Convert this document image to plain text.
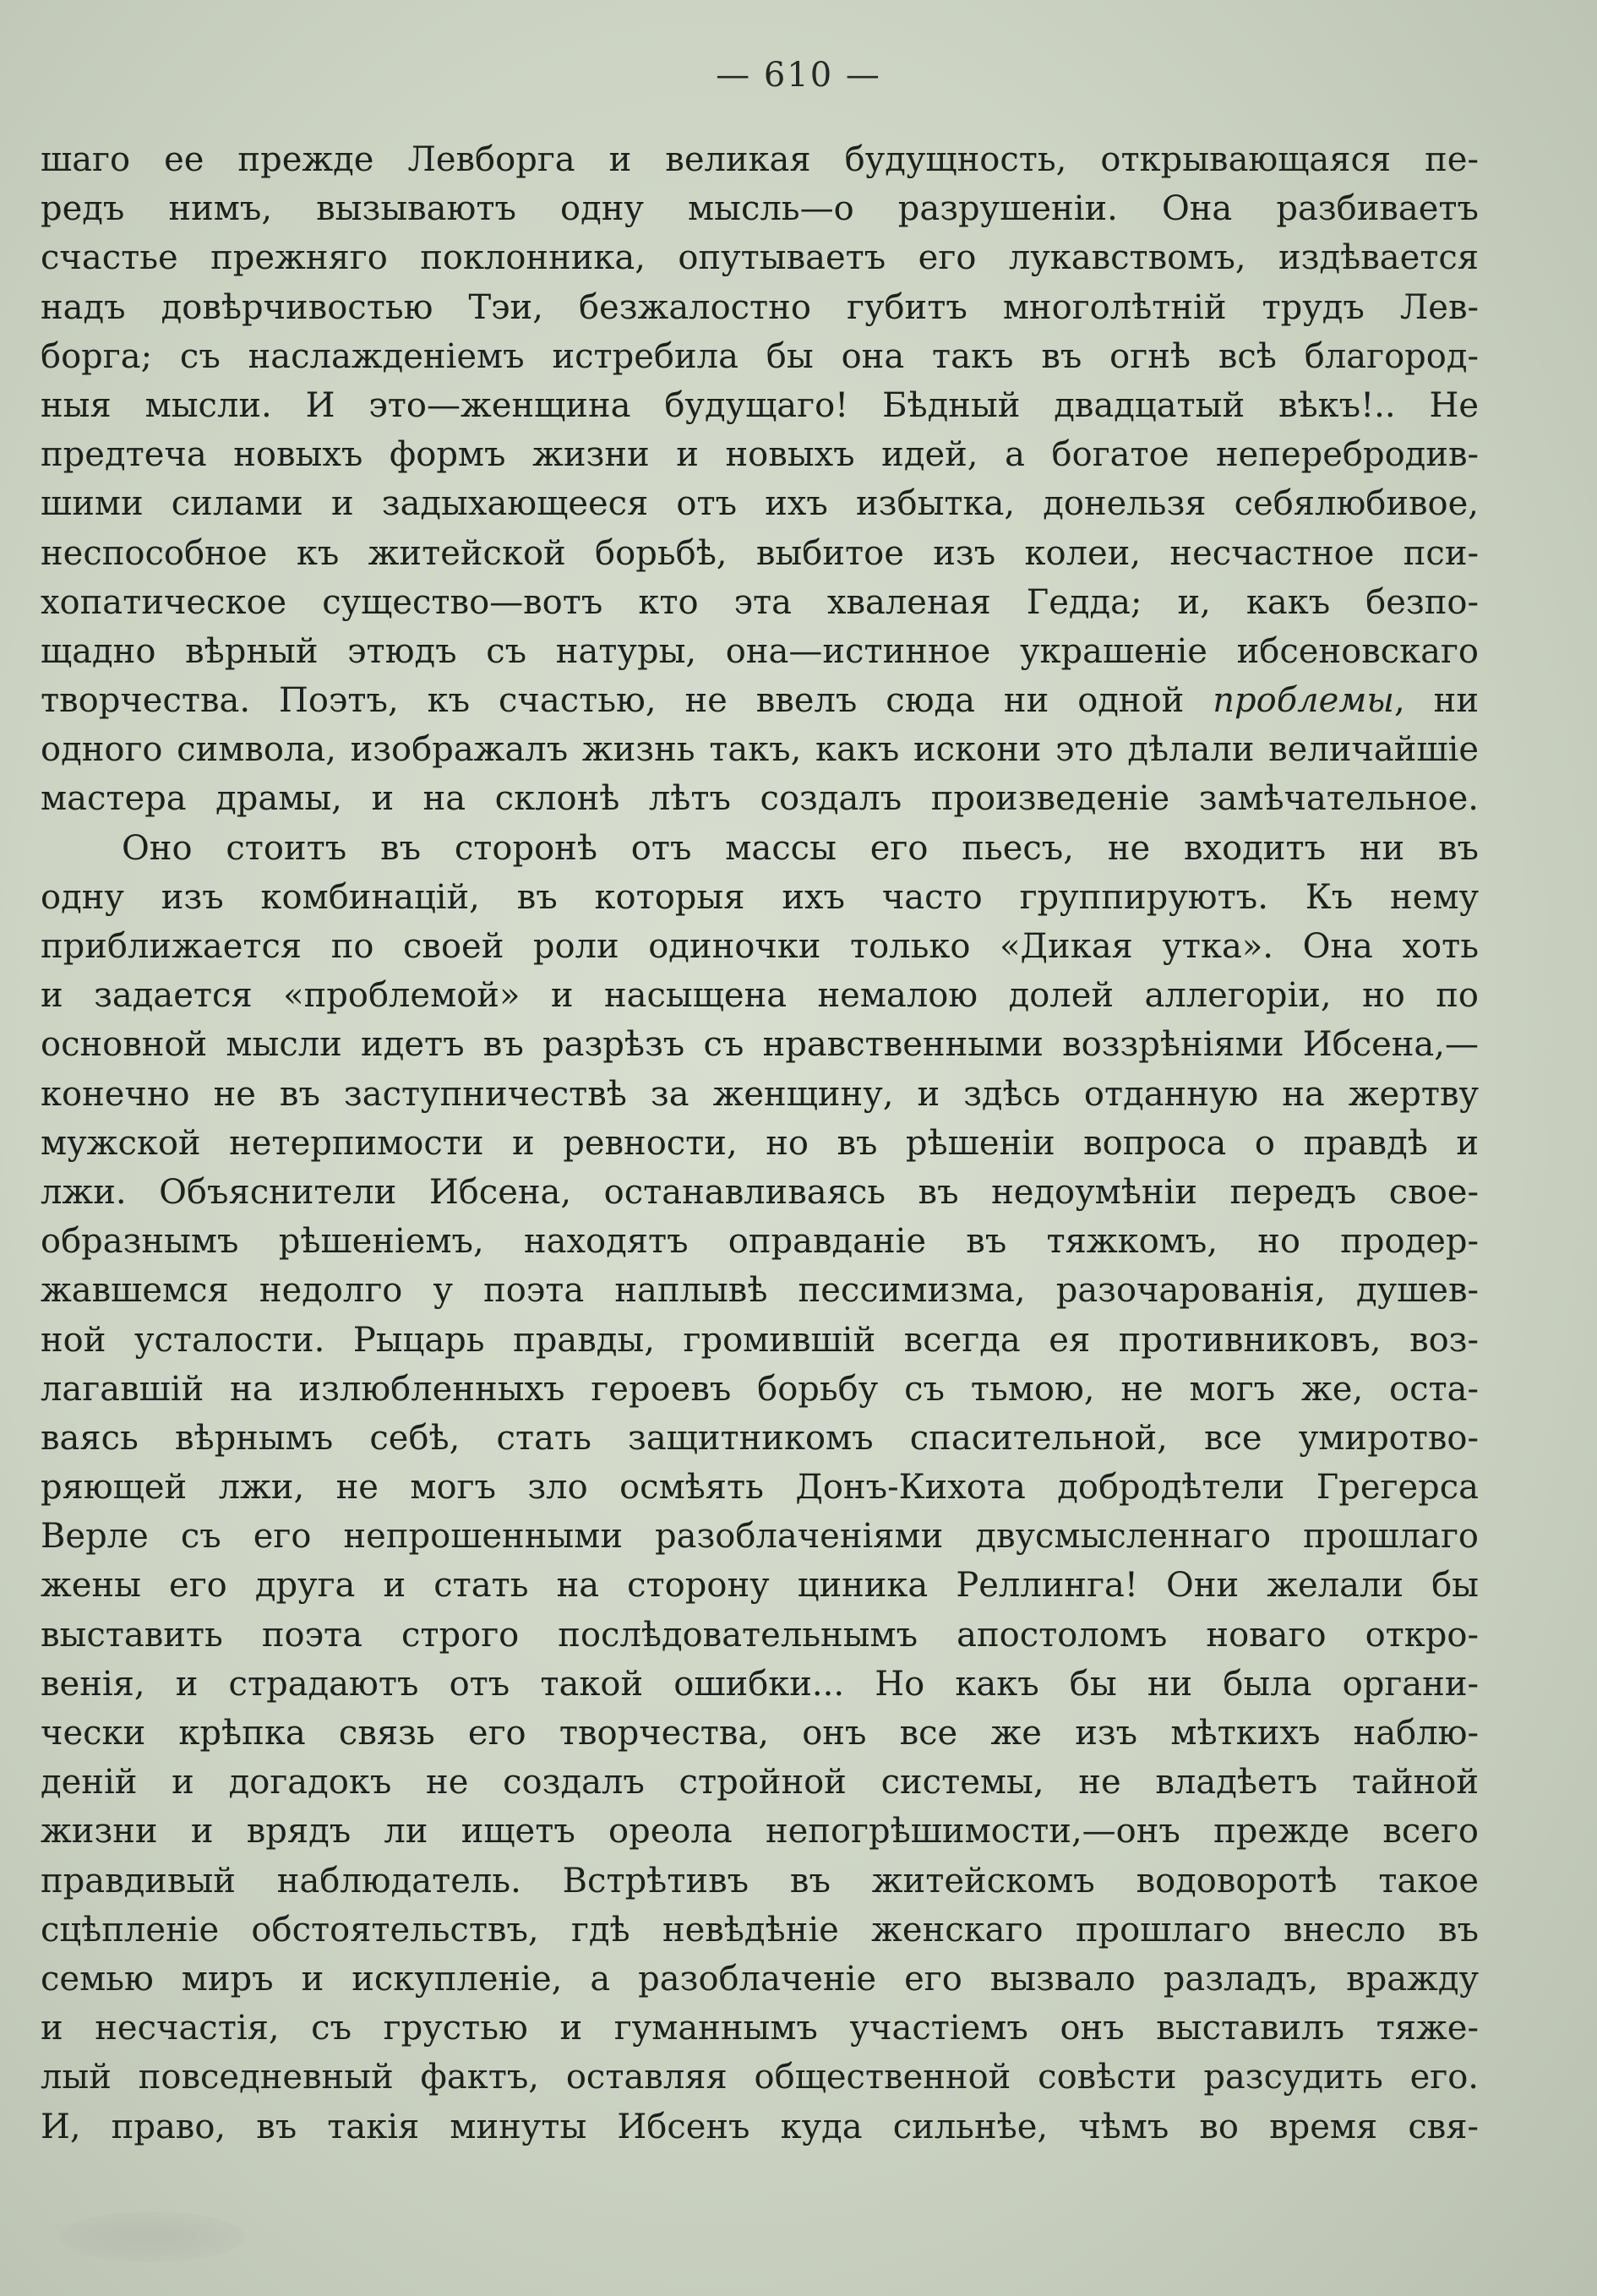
— 610 —
шаго ее прежде Левборга и великая будущность, открывающаяся пе-
редъ нимъ, вызываютъ одну мысль—о разрушеніи. Она разбиваетъ
счастье прежняго поклонника, опутываетъ его лукавствомъ, издѣвается
надъ довѣрчивостью Тэи, безжалостно губитъ многолѣтній трудъ Лев-
борга; съ наслажденіемъ истребила бы она такъ въ огнѣ всѣ благород-
ныя мысли. И это—женщина будущаго! Бѣдный двадцатый вѣкъ!.. Не
предтеча новыхъ формъ жизни и новыхъ идей, а богатое неперебродив-
шими силами и задыхающееся отъ ихъ избытка, донельзя себялюбивое,
неспособное къ житейской борьбѣ, выбитое изъ колеи, несчастное пси-
хопатическое существо—вотъ кто эта хваленая Гедда; и, какъ безпо-
щадно вѣрный этюдъ съ натуры, она—истинное украшеніе ибсеновскаго
творчества. Поэтъ, къ счастью, не ввелъ сюда ни одной проблемы, ни
одного символа, изображалъ жизнь такъ, какъ искони это дѣлали величайшіе
мастера драмы, и на склонѣ лѣтъ создалъ произведеніе замѣчательное.
Оно стоитъ въ сторонѣ отъ массы его пьесъ, не входитъ ни въ
одну изъ комбинацій, въ которыя ихъ часто группируютъ. Къ нему
приближается по своей роли одиночки только «Дикая утка». Она хоть
и задается «проблемой» и насыщена немалою долей аллегоріи, но по
основной мысли идетъ въ разрѣзъ съ нравственными воззрѣніями Ибсена,—
конечно не въ заступничествѣ за женщину, и здѣсь отданную на жертву
мужской нетерпимости и ревности, но въ рѣшеніи вопроса о правдѣ и
лжи. Объяснители Ибсена, останавливаясь въ недоумѣніи передъ свое-
образнымъ рѣшеніемъ, находятъ оправданіе въ тяжкомъ, но продер-
жавшемся недолго у поэта наплывѣ пессимизма, разочарованія, душев-
ной усталости. Рыцарь правды, громившій всегда ея противниковъ, воз-
лагавшій на излюбленныхъ героевъ борьбу съ тьмою, не могъ же, оста-
ваясь вѣрнымъ себѣ, стать защитникомъ спасительной, все умиротво-
ряющей лжи, не могъ зло осмѣять Донъ-Кихота добродѣтели Грегерса
Верле съ его непрошенными разоблаченіями двусмысленнаго прошлаго
жены его друга и стать на сторону циника Реллинга! Они желали бы
выставить поэта строго послѣдовательнымъ апостоломъ новаго откро-
венія, и страдаютъ отъ такой ошибки... Но какъ бы ни была органи-
чески крѣпка связь его творчества, онъ все же изъ мѣткихъ наблю-
деній и догадокъ не создалъ стройной системы, не владѣетъ тайной
жизни и врядъ ли ищетъ ореола непогрѣшимости,—онъ прежде всего
правдивый наблюдатель. Встрѣтивъ въ житейскомъ водоворотѣ такое
сцѣпленіе обстоятельствъ, гдѣ невѣдѣніе женскаго прошлаго внесло въ
семью миръ и искупленіе, а разоблаченіе его вызвало разладъ, вражду
и несчастія, съ грустью и гуманнымъ участіемъ онъ выставилъ тяже-
лый повседневный фактъ, оставляя общественной совѣсти разсудить его.
И, право, въ такія минуты Ибсенъ куда сильнѣе, чѣмъ во время свя-
